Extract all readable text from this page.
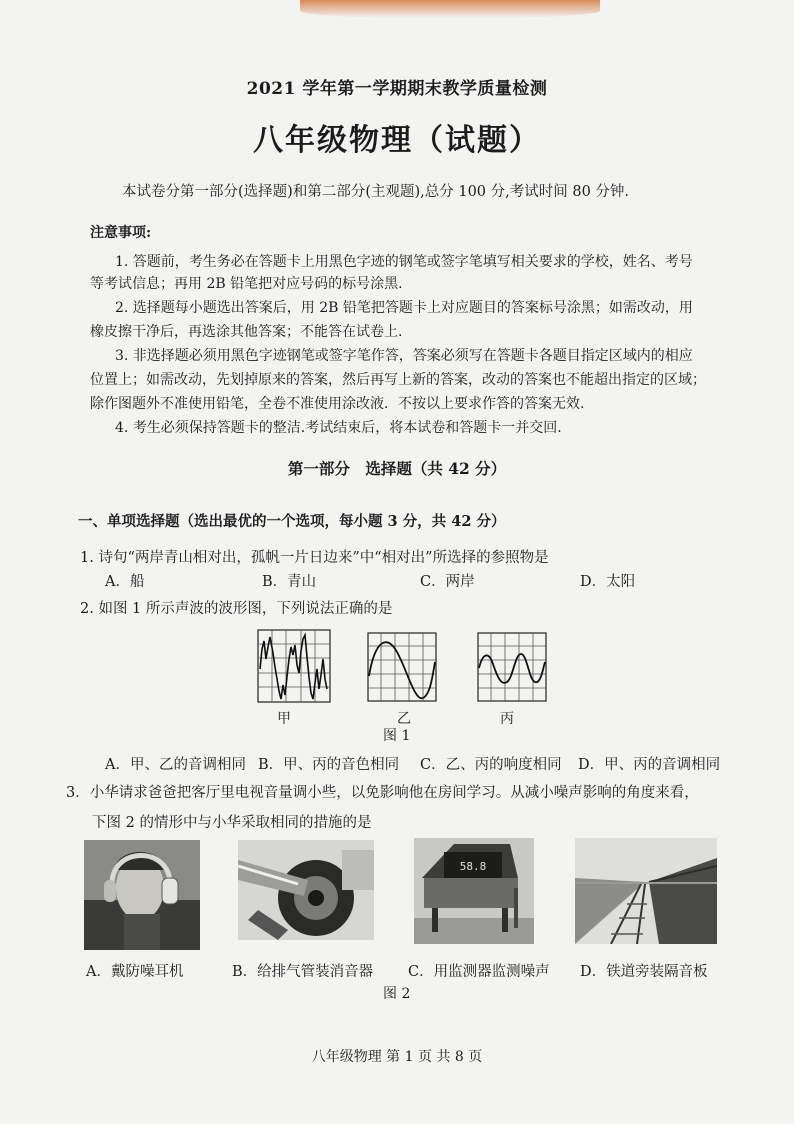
2021 学年第一学期期末教学质量检测
八年级物理（试题）
本试卷分第一部分(选择题)和第二部分(主观题),总分 100 分,考试时间 80 分钟.
注意事项:
1. 答题前，考生务必在答题卡上用黑色字迹的钢笔或签字笔填写相关要求的学校，姓名、考号
等考试信息；再用 2B 铅笔把对应号码的标号涂黑.
2. 选择题每小题选出答案后，用 2B 铅笔把答题卡上对应题目的答案标号涂黑；如需改动，用
橡皮擦干净后，再选涂其他答案；不能答在试卷上.
3. 非选择题必须用黑色字迹钢笔或签字笔作答，答案必须写在答题卡各题目指定区域内的相应
位置上；如需改动，先划掉原来的答案，然后再写上新的答案，改动的答案也不能超出指定的区域；
除作图题外不准使用铅笔，全卷不准使用涂改液．不按以上要求作答的答案无效.
4. 考生必须保持答题卡的整洁.考试结束后，将本试卷和答题卡一并交回.
第一部分　选择题（共 42 分）
一、单项选择题（选出最优的一个选项，每小题 3 分，共 42 分）
1. 诗句“两岸青山相对出，孤帆一片日边来”中“相对出”所选择的参照物是
A．船	B．青山	C．两岸	D．太阳
2. 如图 1 所示声波的波形图，下列说法正确的是
甲	乙	丙
图 1
A．甲、乙的音调相同 B．甲、丙的音色相同 C．乙、丙的响度相同 D．甲、丙的音调相同
3．小华请求爸爸把客厅里电视音量调小些，以免影响他在房间学习。从减小噪声影响的角度来看，
下图 2 的情形中与小华采取相同的措施的是
58.8
A．戴防噪耳机	B．给排气管装消音器 C．用监测器监测噪声 D．铁道旁装隔音板
图 2
八年级物理 第 1 页 共 8 页
